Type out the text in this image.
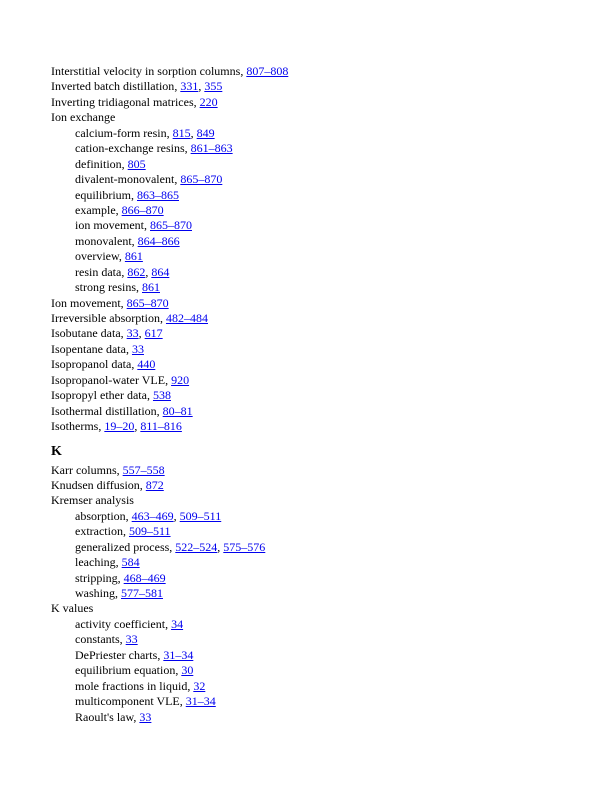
Interstitial velocity in sorption columns, 807–808
Inverted batch distillation, 331, 355
Inverting tridiagonal matrices, 220
Ion exchange
calcium-form resin, 815, 849
cation-exchange resins, 861–863
definition, 805
divalent-monovalent, 865–870
equilibrium, 863–865
example, 866–870
ion movement, 865–870
monovalent, 864–866
overview, 861
resin data, 862, 864
strong resins, 861
Ion movement, 865–870
Irreversible absorption, 482–484
Isobutane data, 33, 617
Isopentane data, 33
Isopropanol data, 440
Isopropanol-water VLE, 920
Isopropyl ether data, 538
Isothermal distillation, 80–81
Isotherms, 19–20, 811–816
K
Karr columns, 557–558
Knudsen diffusion, 872
Kremser analysis
absorption, 463–469, 509–511
extraction, 509–511
generalized process, 522–524, 575–576
leaching, 584
stripping, 468–469
washing, 577–581
K values
activity coefficient, 34
constants, 33
DePriester charts, 31–34
equilibrium equation, 30
mole fractions in liquid, 32
multicomponent VLE, 31–34
Raoult's law, 33
